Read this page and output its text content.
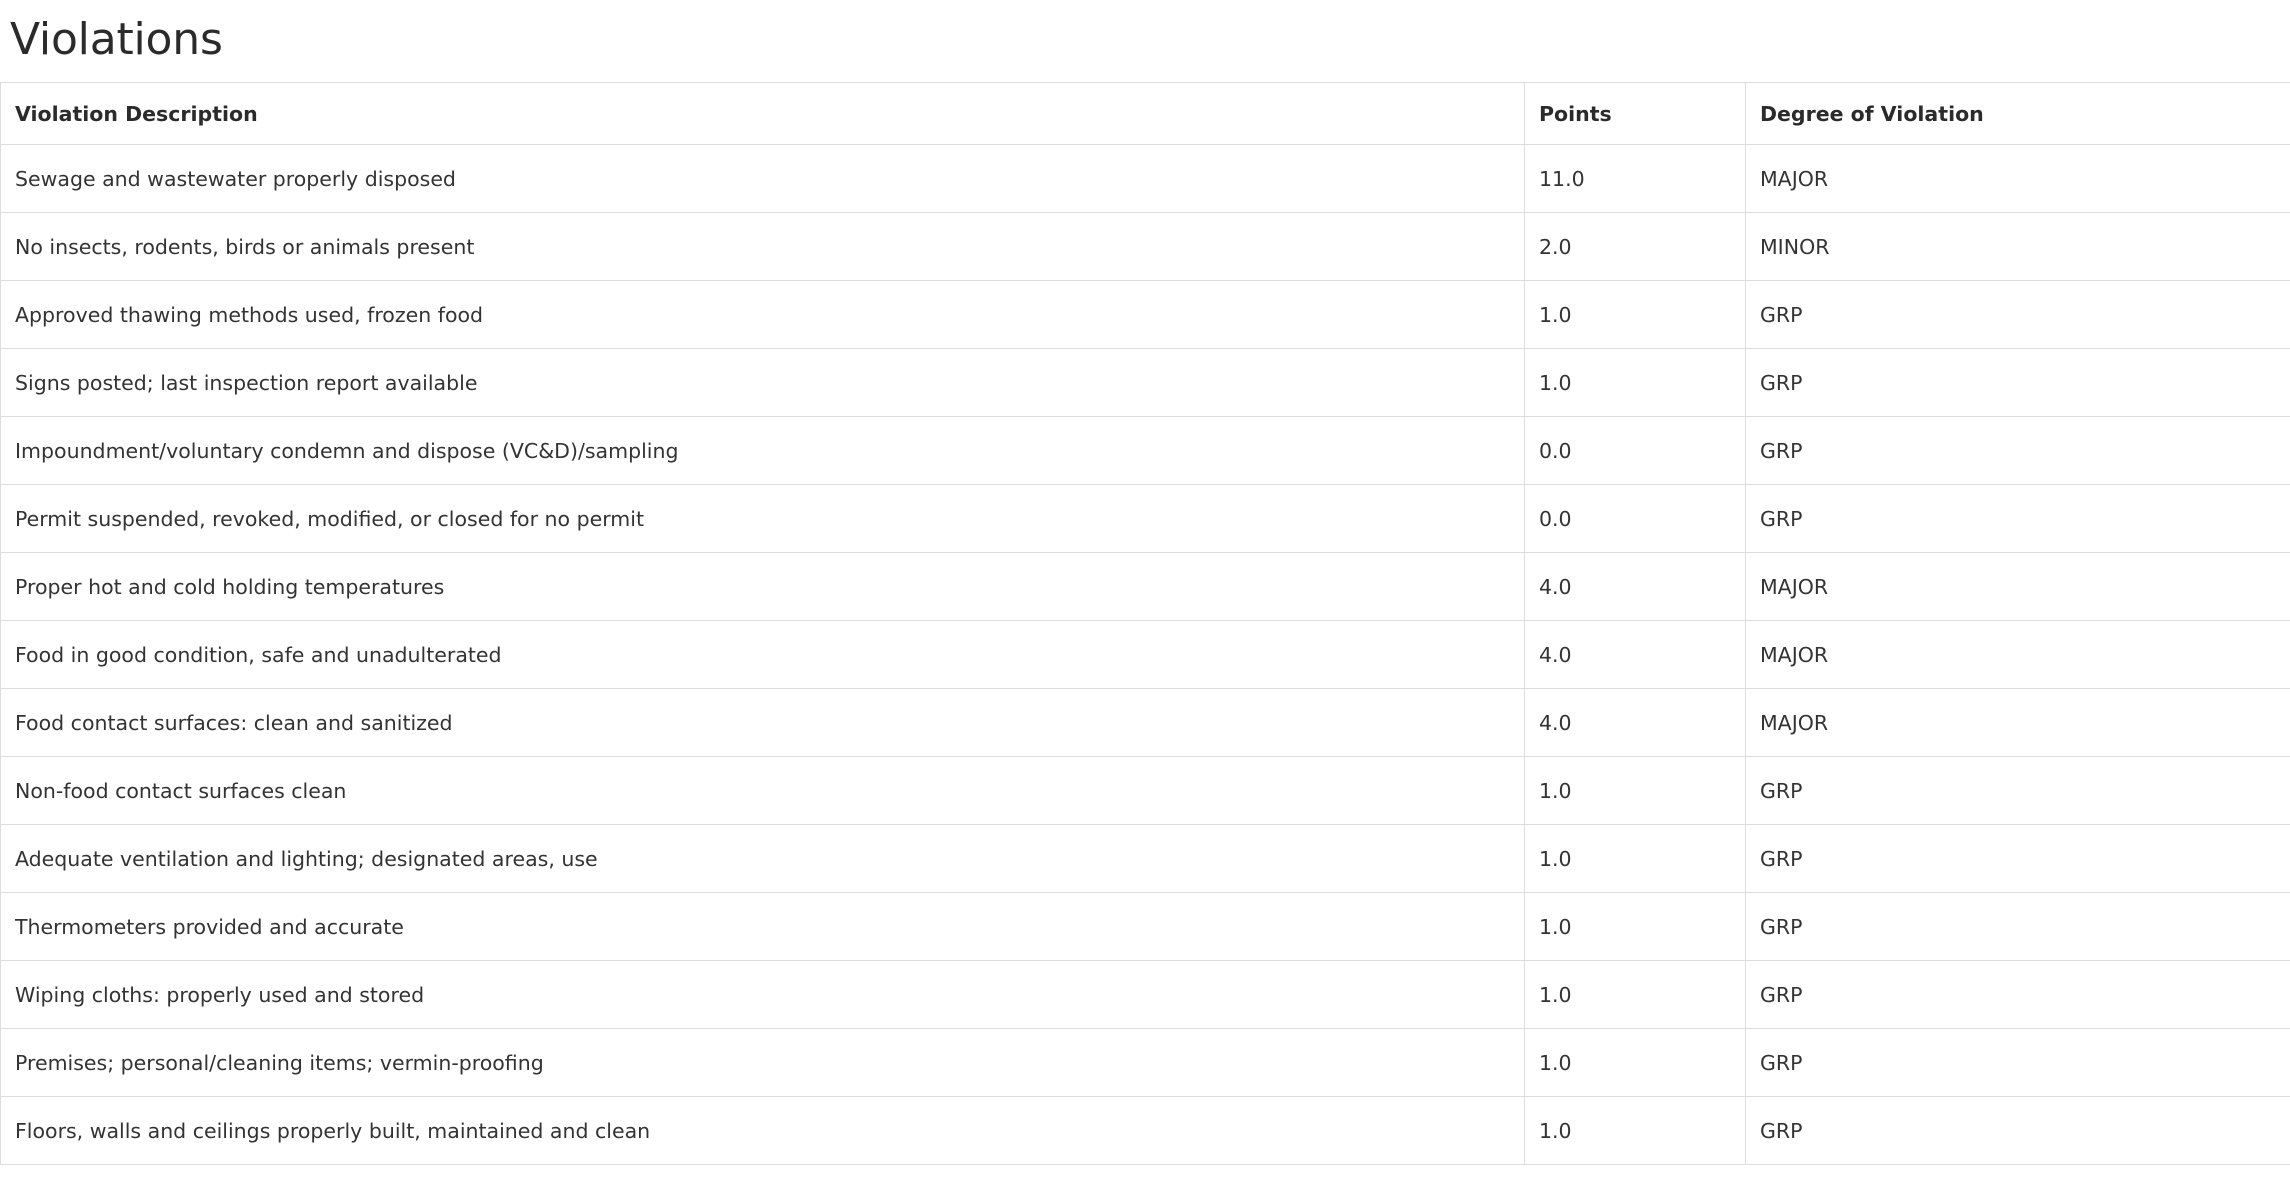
Violations
Violation Description	Points	Degree of Violation
Sewage and wastewater properly disposed	11.0	MAJOR
No insects, rodents, birds or animals present	2.0	MINOR
Approved thawing methods used, frozen food	1.0	GRP
Signs posted; last inspection report available	1.0	GRP
Impoundment/voluntary condemn and dispose (VC&D)/sampling	0.0	GRP
Permit suspended, revoked, modified, or closed for no permit	0.0	GRP
Proper hot and cold holding temperatures	4.0	MAJOR
Food in good condition, safe and unadulterated	4.0	MAJOR
Food contact surfaces: clean and sanitized	4.0	MAJOR
Non-food contact surfaces clean	1.0	GRP
Adequate ventilation and lighting; designated areas, use	1.0	GRP
Thermometers provided and accurate	1.0	GRP
Wiping cloths: properly used and stored	1.0	GRP
Premises; personal/cleaning items; vermin-proofing	1.0	GRP
Floors, walls and ceilings properly built, maintained and clean	1.0	GRP
